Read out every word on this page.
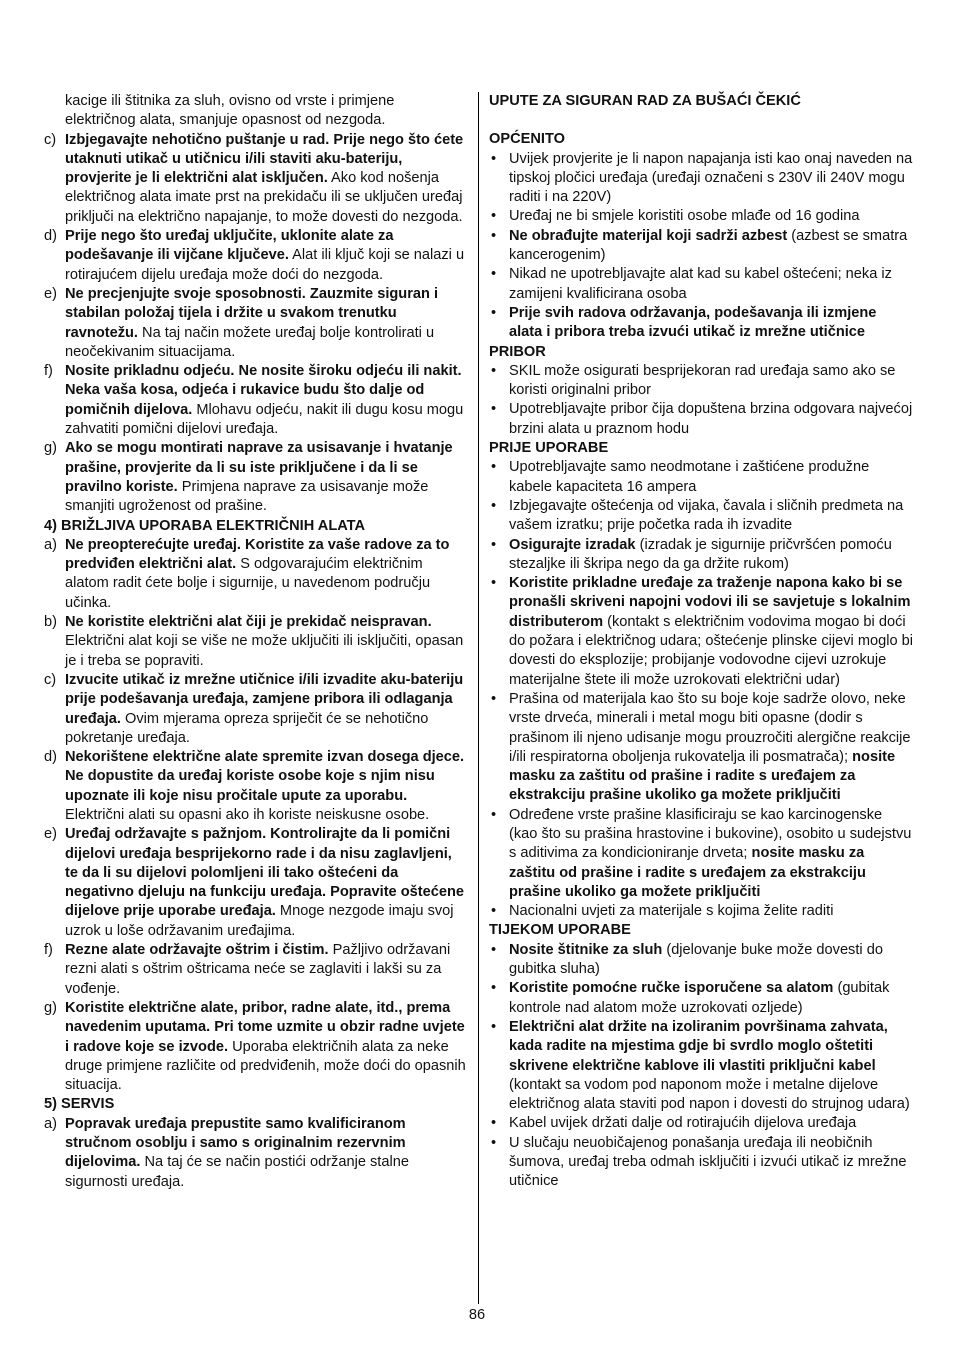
kacige ili štitnika za sluh, ovisno od vrste i primjene električnog alata, smanjuje opasnost od nezgoda.

c) Izbjegavajte nehotično puštanje u rad. Prije nego što ćete utaknuti utikač u utičnicu i/ili staviti aku-bateriju, provjerite je li električni alat isključen. Ako kod nošenja električnog alata imate prst na prekidaču ili se uključen uređaj priključi na električno napajanje, to može dovesti do nezgoda.
d) Prije nego što uređaj uključite, uklonite alate za podešavanje ili vijčane ključeve. Alat ili ključ koji se nalazi u rotirajućem dijelu uređaja može doći do nezgoda.
e) Ne precjenjujte svoje sposobnosti. Zauzmite siguran i stabilan položaj tijela i držite u svakom trenutku ravnotežu. Na taj način možete uređaj bolje kontrolirati u neočekivanim situacijama.
f) Nosite prikladnu odjeću. Ne nosite široku odjeću ili nakit. Neka vaša kosa, odjeća i rukavice budu što dalje od pomičnih dijelova. Mlohavu odjeću, nakit ili dugu kosu mogu zahvatiti pomični dijelovi uređaja.
g) Ako se mogu montirati naprave za usisavanje i hvatanje prašine, provjerite da li su iste priključene i da li se pravilno koriste. Primjena naprave za usisavanje može smanjiti ugroženost od prašine.

4) BRIŽLJIVA UPORABA ELEKTRIČNIH ALATA

a) Ne preopterećujte uređaj. Koristite za vaše radove za to predviđen električni alat. S odgovarajućim električnim alatom radit ćete bolje i sigurnije, u navedenom području učinka.
b) Ne koristite električni alat čiji je prekidač neispravan. Električni alat koji se više ne može uključiti ili isključiti, opasan je i treba se popraviti.
c) Izvucite utikač iz mrežne utičnice i/ili izvadite aku-bateriju prije podešavanja uređaja, zamjene pribora ili odlaganja uređaja. Ovim mjerama opreza spriječit će se nehotično pokretanje uređaja.
d) Nekorištene električne alate spremite izvan dosega djece. Ne dopustite da uređaj koriste osobe koje s njim nisu upoznate ili koje nisu pročitale upute za uporabu. Električni alati su opasni ako ih koriste neiskusne osobe.
e) Uređaj održavajte s pažnjom. Kontrolirajte da li pomični dijelovi uređaja besprijekorno rade i da nisu zaglavljeni, te da li su dijelovi polomljeni ili tako oštećeni da negativno djeluju na funkciju uređaja. Popravite oštećene dijelove prije uporabe uređaja. Mnoge nezgode imaju svoj uzrok u loše održavanim uređajima.
f) Rezne alate održavajte oštrim i čistim. Pažljivo održavani rezni alati s oštrim oštricama neće se zaglaviti i lakši su za vođenje.
g) Koristite električne alate, pribor, radne alate, itd., prema navedenim uputama. Pri tome uzmite u obzir radne uvjete i radove koje se izvode. Uporaba električnih alata za neke druge primjene različite od predviđenih, može doći do opasnih situacija.

5) SERVIS

a) Popravak uređaja prepustite samo kvalificiranom stručnom osoblju i samo s originalnim rezervnim dijelovima. Na taj će se način postići održanje stalne sigurnosti uređaja.

UPUTE ZA SIGURAN RAD ZA BUŠAĆI ČEKIĆ

OPĆENITO

• Uvijek provjerite je li napon napajanja isti kao onaj naveden na tipskoj pločici uređaja (uređaji označeni s 230V ili 240V mogu raditi i na 220V)
• Uređaj ne bi smjele koristiti osobe mlađe od 16 godina
• Ne obrađujte materijal koji sadrži azbest (azbest se smatra kancerogenim)
• Nikad ne upotrebljavajte alat kad su kabel oštećeni; neka iz zamijeni kvalificirana osoba
• Prije svih radova održavanja, podešavanja ili izmjene alata i pribora treba izvući utikač iz mrežne utičnice

PRIBOR

• SKIL može osigurati besprijekoran rad uređaja samo ako se koristi originalni pribor
• Upotrebljavajte pribor čija dopuštena brzina odgovara najvećoj brzini alata u praznom hodu

PRIJE UPORABE

• Upotrebljavajte samo neodmotane i zaštićene produžne kabele kapaciteta 16 ampera
• Izbjegavajte oštećenja od vijaka, čavala i sličnih predmeta na vašem izratku; prije početka rada ih izvadite
• Osigurajte izradak (izradak je sigurnije pričvršćen pomoću stezaljke ili škripa nego da ga držite rukom)
• Koristite prikladne uređaje za traženje napona kako bi se pronašli skriveni napojni vodovi ili se savjetuje s lokalnim distributerom (kontakt s električnim vodovima mogao bi doći do požara i električnog udara; oštećenje plinske cijevi moglo bi dovesti do eksplozije; probijanje vodovodne cijevi uzrokuje materijalne štete ili može uzrokovati električni udar)
• Prašina od materijala kao što su boje koje sadrže olovo, neke vrste drveća, minerali i metal mogu biti opasne (dodir s prašinom ili njeno udisanje mogu prouzročiti alergične reakcije i/ili respiratorna oboljenja rukovatelja ili posmatrača); nosite masku za zaštitu od prašine i radite s uređajem za ekstrakciju prašine ukoliko ga možete priključiti
• Određene vrste prašine klasificiraju se kao karcinogenske (kao što su prašina hrastovine i bukovine), osobito u sudejstvu s aditivima za kondicioniranje drveta; nosite masku za zaštitu od prašine i radite s uređajem za ekstrakciju prašine ukoliko ga možete priključiti
• Nacionalni uvjeti za materijale s kojima želite raditi

TIJEKOM UPORABE

• Nosite štitnike za sluh (djelovanje buke može dovesti do gubitka sluha)
• Koristite pomoćne ručke isporučene sa alatom (gubitak kontrole nad alatom može uzrokovati ozljede)
• Električni alat držite na izoliranim površinama zahvata, kada radite na mjestima gdje bi svrdlo moglo oštetiti skrivene električne kablove ili vlastiti priključni kabel (kontakt sa vodom pod naponom može i metalne dijelove električnog alata staviti pod napon i dovesti do strujnog udara)
• Kabel uvijek držati dalje od rotirajućih dijelova uređaja
• U slučaju neuobičajenog ponašanja uređaja ili neobičnih šumova, uređaj treba odmah isključiti i izvući utikač iz mrežne utičnice
86
